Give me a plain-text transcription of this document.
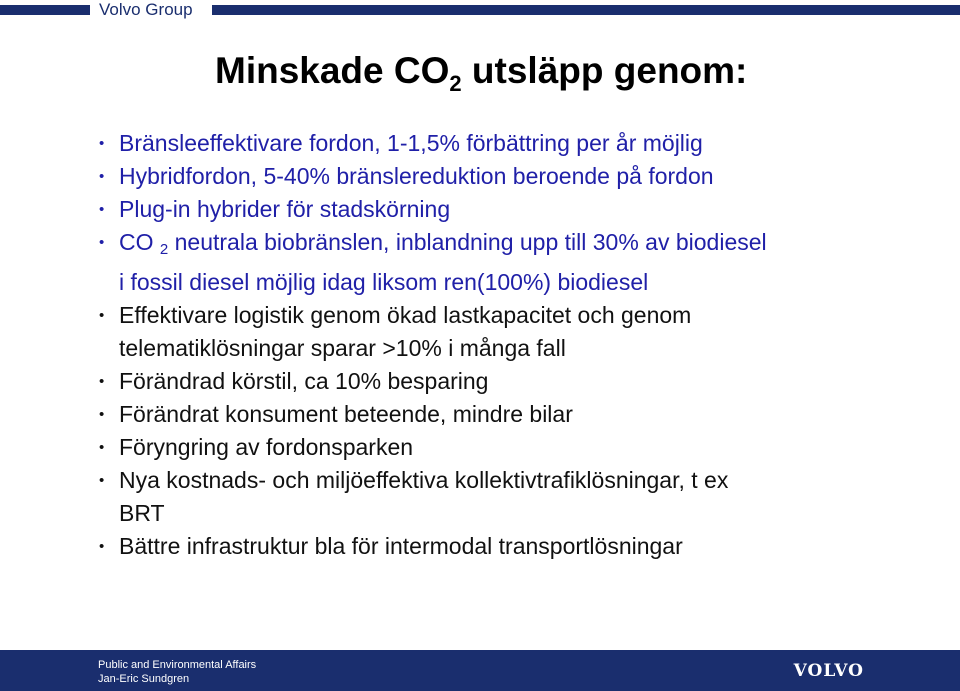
Volvo Group
Minskade $CO_2$ utsläpp genom:
• Bränsleeffektivare fordon, 1-1,5% förbättring per år möjlig
• Hybridfordon, 5-40% bränslereduktion beroende på fordon
• Plug-in hybrider för stadskörning
• CO 2 neutrala biobränslen, inblandning upp till 30% av biodiesel
i fossil diesel möjlig idag liksom ren(100%) biodiesel
• Effektivare logistik genom ökad lastkapacitet och genom
telematiklösningar sparar >10% i många fall
• Förändrad körstil, ca 10% besparing
• Förändrat konsument beteende, mindre bilar
• Föryngring av fordonsparken
• Nya kostnads- och miljöeffektiva kollektivtrafiklösningar, t ex
BRT
• Bättre infrastruktur bla för intermodal transportlösningar
Public and Environmental Affairs
Jan-Eric Sundgren	VOLVO
